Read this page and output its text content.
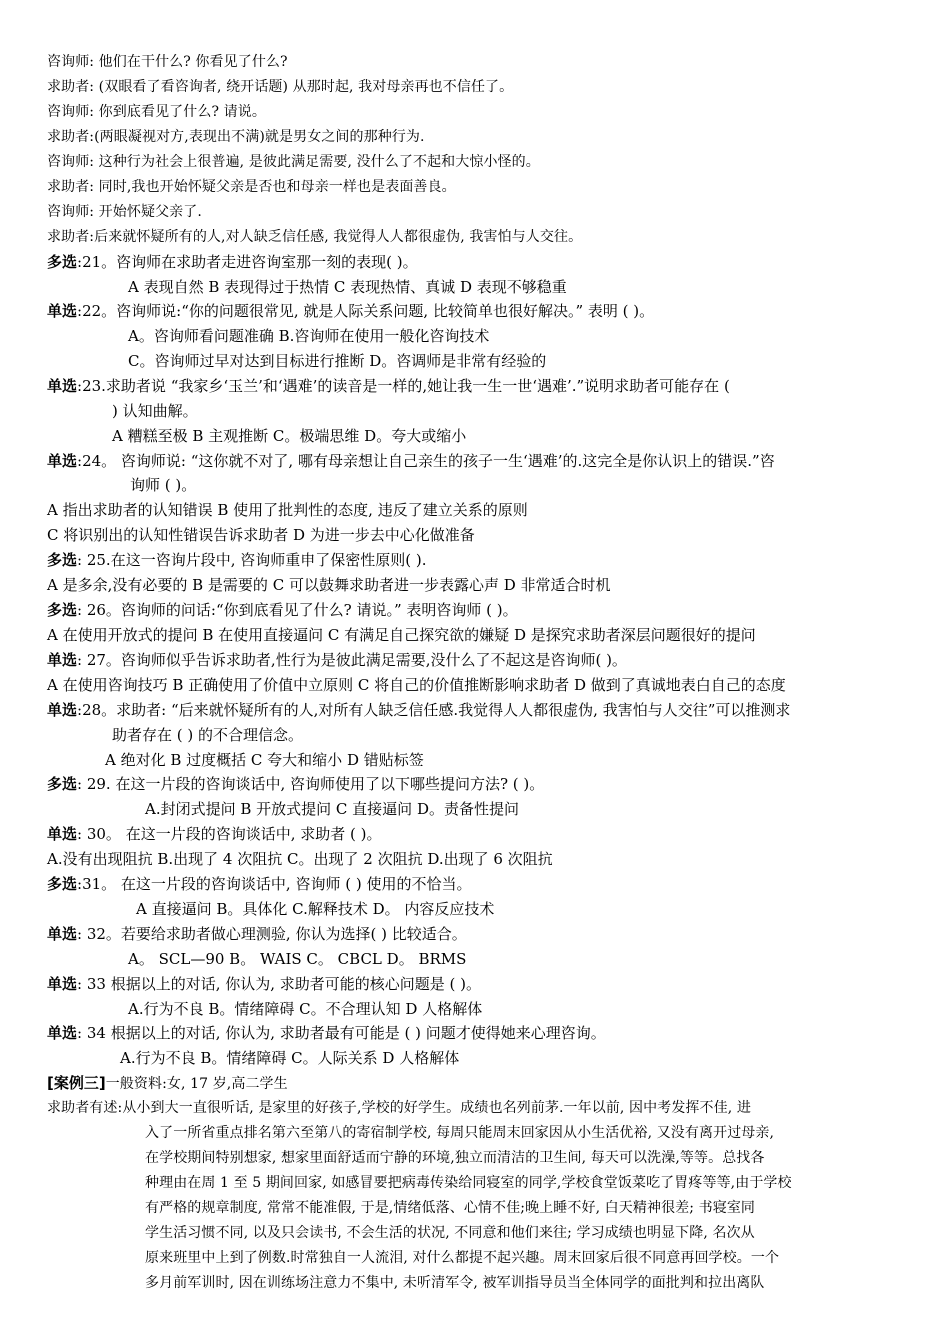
咨询师: 他们在干什么? 你看见了什么?
求助者: (双眼看了看咨询者, 绕开话题) 从那时起, 我对母亲再也不信任了。
咨询师: 你到底看见了什么? 请说。
求助者:(两眼凝视对方,表现出不满)就是男女之间的那种行为.
咨询师: 这种行为社会上很普遍, 是彼此满足需要, 没什么了不起和大惊小怪的。
求助者: 同时,我也开始怀疑父亲是否也和母亲一样也是表面善良。
咨询师: 开始怀疑父亲了.
求助者:后来就怀疑所有的人,对人缺乏信任感, 我觉得人人都很虚伪, 我害怕与人交往。
多选:21。咨询师在求助者走进咨询室那一刻的表现( )。
A 表现自然 B 表现得过于热情 C 表现热情、真诚 D 表现不够稳重
单选:22。咨询师说:“你的问题很常见, 就是人际关系问题, 比较简单也很好解决。” 表明 ( )。
A。咨询师看问题准确 B.咨询师在使用一般化咨询技术
C。咨询师过早对达到目标进行推断 D。咨调师是非常有经验的
单选:23.求助者说 “我家乡‘玉兰’和‘遇难’的读音是一样的,她让我一生一世‘遇难’.”说明求助者可能存在 (
) 认知曲解。
A 糟糕至极 B 主观推断 C。极端思维 D。夸大或缩小
单选:24。 咨询师说: “这你就不对了, 哪有母亲想让自己亲生的孩子一生‘遇难’的.这完全是你认识上的错误.”咨
询师 ( )。
A 指出求助者的认知错误 B 使用了批判性的态度, 违反了建立关系的原则
C 将识别出的认知性错误告诉求助者 D 为进一步去中心化做准备
多选: 25.在这一咨询片段中, 咨询师重申了保密性原则( ).
A 是多余,没有必要的 B 是需要的 C 可以鼓舞求助者进一步表露心声 D 非常适合时机
多选: 26。咨询师的问话:“你到底看见了什么? 请说。” 表明咨询师 ( )。
A 在使用开放式的提问 B 在使用直接逼问 C 有满足自己探究欲的嫌疑 D 是探究求助者深层问题很好的提问
单选: 27。咨询师似乎告诉求助者,性行为是彼此满足需要,没什么了不起这是咨询师( )。
A 在使用咨询技巧 B 正确使用了价值中立原则 C 将自己的价值推断影响求助者 D 做到了真诚地表白自己的态度
单选:28。求助者: “后来就怀疑所有的人,对所有人缺乏信任感.我觉得人人都很虚伪, 我害怕与人交往”可以推测求
助者存在 ( ) 的不合理信念。
A 绝对化 B 过度概括 C 夸大和缩小 D 错贴标签
多选: 29. 在这一片段的咨询谈话中, 咨询师使用了以下哪些提问方法? ( )。
A.封闭式提问 B 开放式提问 C 直接逼问 D。责备性提问
单选: 30。 在这一片段的咨询谈话中, 求助者 ( )。
A.没有出现阻抗 B.出现了 4 次阻抗 C。出现了 2 次阻抗 D.出现了 6 次阻抗
多选:31。 在这一片段的咨询谈话中, 咨询师 ( ) 使用的不恰当。
A 直接逼问 B。具体化 C.解释技术 D。 内容反应技术
单选: 32。若要给求助者做心理测验, 你认为选择( ) 比较适合。
A。 SCL—90 B。 WAIS C。 CBCL D。 BRMS
单选: 33 根据以上的对话, 你认为, 求助者可能的核心问题是 ( )。
A.行为不良 B。情绪障碍 C。不合理认知 D 人格解体
单选: 34 根据以上的对话, 你认为, 求助者最有可能是 ( ) 问题才使得她来心理咨询。
A.行为不良 B。情绪障碍 C。人际关系 D 人格解体
[案例三]一般资料:女, 17 岁,高二学生
求助者有述:从小到大一直很听话, 是家里的好孩子,学校的好学生。成绩也名列前茅.一年以前, 因中考发挥不佳, 进
入了一所省重点排名第六至第八的寄宿制学校, 每周只能周末回家因从小生活优裕, 又没有离开过母亲,
在学校期间特别想家, 想家里面舒适而宁静的环境,独立而清洁的卫生间, 每天可以洗澡,等等。总找各
种理由在周 1 至 5 期间回家, 如感冒要把病毒传染给同寝室的同学,学校食堂饭菜吃了胃疼等等,由于学校
有严格的规章制度, 常常不能准假, 于是,情绪低落、心情不佳;晚上睡不好, 白天精神很差; 书寝室同
学生活习惯不同, 以及只会读书, 不会生活的状况, 不同意和他们来往; 学习成绩也明显下降, 名次从
原来班里中上到了例数.时常独自一人流泪, 对什么都提不起兴趣。周末回家后很不同意再回学校。一个
多月前军训时, 因在训练场注意力不集中, 未听清军令, 被军训指导员当全体同学的面批判和拉出离队
